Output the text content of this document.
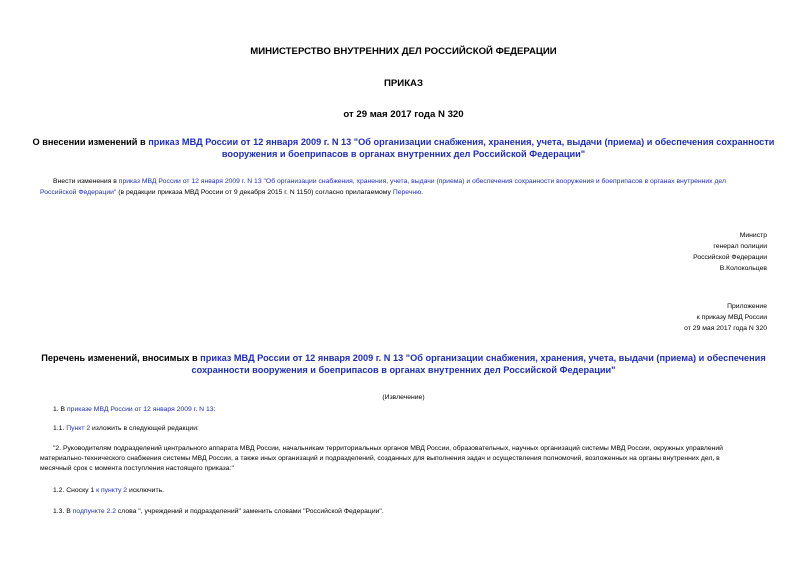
МИНИСТЕРСТВО ВНУТРЕННИХ ДЕЛ РОССИЙСКОЙ ФЕДЕРАЦИИ
ПРИКАЗ
от 29 мая 2017 года N 320
О внесении изменений в приказ МВД России от 12 января 2009 г. N 13 "Об организации снабжения, хранения, учета, выдачи (приема) и обеспечения сохранности
вооружения и боеприпасов в органах внутренних дел Российской Федерации"
Внести изменения в приказ МВД России от 12 января 2009 г. N 13 "Об организации снабжения, хранения, учета, выдачи (приема) и обеспечения сохранности вооружения и боеприпасов в органах внутренних дел
Российской Федерации" (в редакции приказа МВД России от 9 декабря 2015 г. N 1150) согласно прилагаемому Перечню.
Министр
генерал полиции
Российской Федерации
В.Колокольцев
Приложение
к приказу МВД России
от 29 мая 2017 года N 320
Перечень изменений, вносимых в приказ МВД России от 12 января 2009 г. N 13 "Об организации снабжения, хранения, учета, выдачи (приема) и обеспечения
сохранности вооружения и боеприпасов в органах внутренних дел Российской Федерации"
(Извлечение)
1. В приказе МВД России от 12 января 2009 г. N 13:
1.1. Пункт 2 изложить в следующей редакции:
"2. Руководителям подразделений центрального аппарата МВД России, начальникам территориальных органов МВД России, образовательных, научных организаций системы МВД России, окружных управлений
материально-технического снабжения системы МВД России, а также иных организаций и подразделений, созданных для выполнения задач и осуществления полномочий, возложенных на органы внутренних дел, в
месячный срок с момента поступления настоящего приказа:"
1.2. Сноску 1 к пункту 2 исключить.
1.3. В подпункте 2.2 слова ", учреждений и подразделений" заменить словами "Российской Федерации".
